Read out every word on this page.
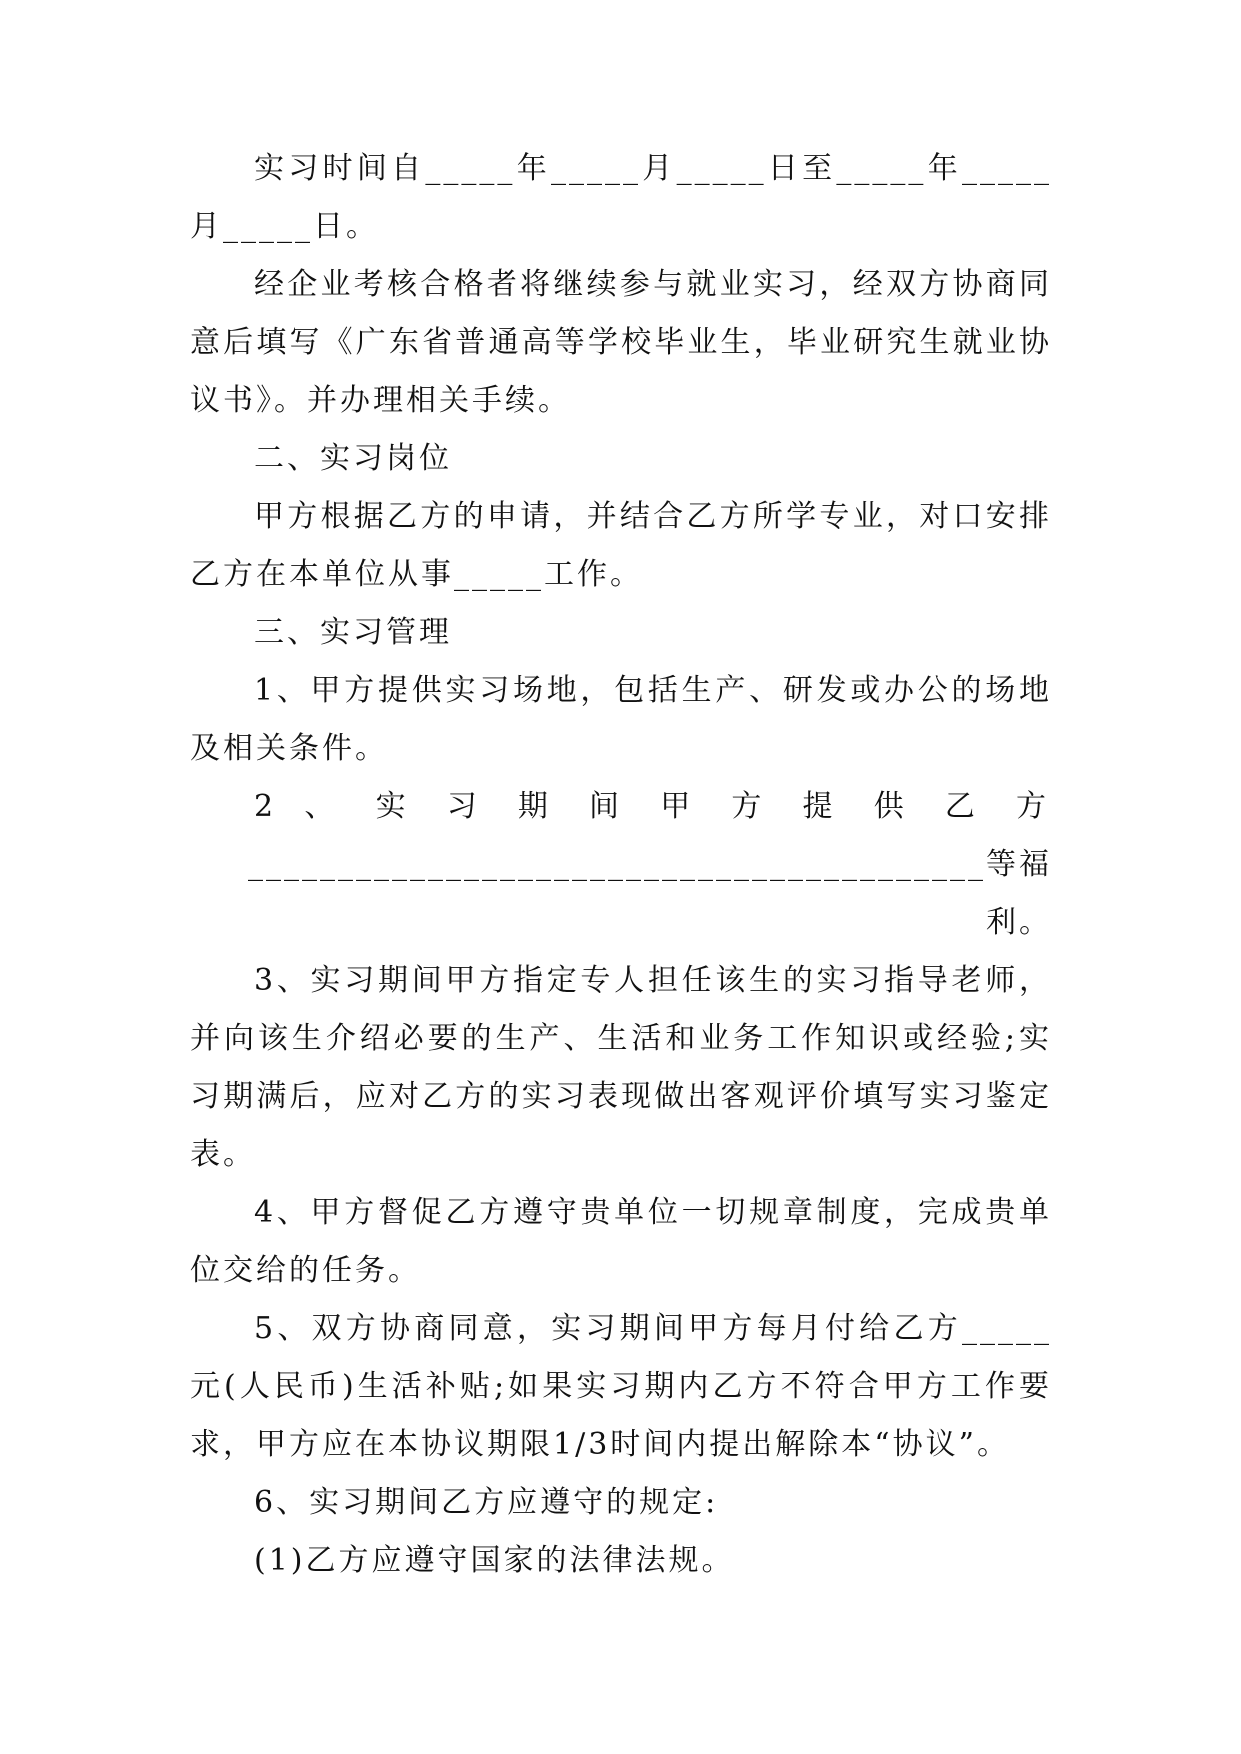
实习时间自_____年_____月_____日至_____年_____月_____日。

经企业考核合格者将继续参与就业实习，经双方协商同意后填写《广东省普通高等学校毕业生，毕业研究生就业协议书》。并办理相关手续。

二、实习岗位

甲方根据乙方的申请，并结合乙方所学专业，对口安排乙方在本单位从事_____工作。

三、实习管理

1、甲方提供实习场地，包括生产、研发或办公的场地及相关条件。

2 、 实 习 期 间 甲 方 提 供 乙 方

_________________________________________等福利。

3、实习期间甲方指定专人担任该生的实习指导老师，并向该生介绍必要的生产、生活和业务工作知识或经验;实习期满后，应对乙方的实习表现做出客观评价填写实习鉴定表。

4、甲方督促乙方遵守贵单位一切规章制度，完成贵单位交给的任务。

5、双方协商同意，实习期间甲方每月付给乙方_____元(人民币)生活补贴;如果实习期内乙方不符合甲方工作要求，甲方应在本协议期限1/3时间内提出解除本“协议”。

6、实习期间乙方应遵守的规定:

(1)乙方应遵守国家的法律法规。
